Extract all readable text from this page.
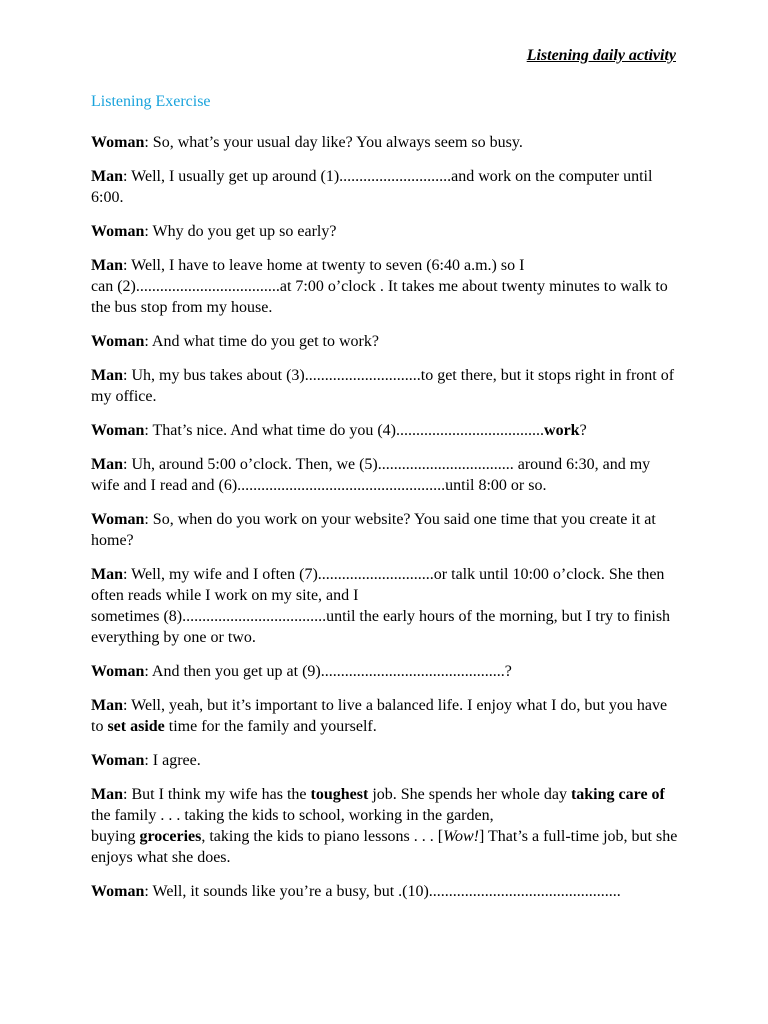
Listening daily activity
Listening Exercise

Woman: So, what’s your usual day like? You always seem so busy.

Man: Well, I usually get up around (1)............................and work on the computer until 6:00.

Woman: Why do you get up so early?

Man: Well, I have to leave home at twenty to seven (6:40 a.m.) so I
can (2)....................................at 7:00 o’clock . It takes me about twenty minutes to walk to the bus stop from my house.

Woman: And what time do you get to work?

Man: Uh, my bus takes about (3).............................to get there, but it stops right in front of my office.

Woman: That’s nice. And what time do you (4).....................................work?

Man: Uh, around 5:00 o’clock. Then, we (5).................................. around 6:30, and my wife and I read and (6)....................................................until 8:00 or so.

Woman: So, when do you work on your website? You said one time that you create it at home?

Man: Well, my wife and I often (7).............................or talk until 10:00 o’clock. She then often reads while I work on my site, and I
sometimes (8)....................................until the early hours of the morning, but I try to finish everything by one or two.

Woman: And then you get up at (9)..............................................?

Man: Well, yeah, but it’s important to live a balanced life. I enjoy what I do, but you have to set aside time for the family and yourself.

Woman: I agree.

Man: But I think my wife has the toughest job. She spends her whole day taking care of the family . . . taking the kids to school, working in the garden,
buying groceries, taking the kids to piano lessons . . . [Wow!] That’s a full-time job, but she enjoys what she does.

Woman: Well, it sounds like you’re a busy, but .(10)................................................
